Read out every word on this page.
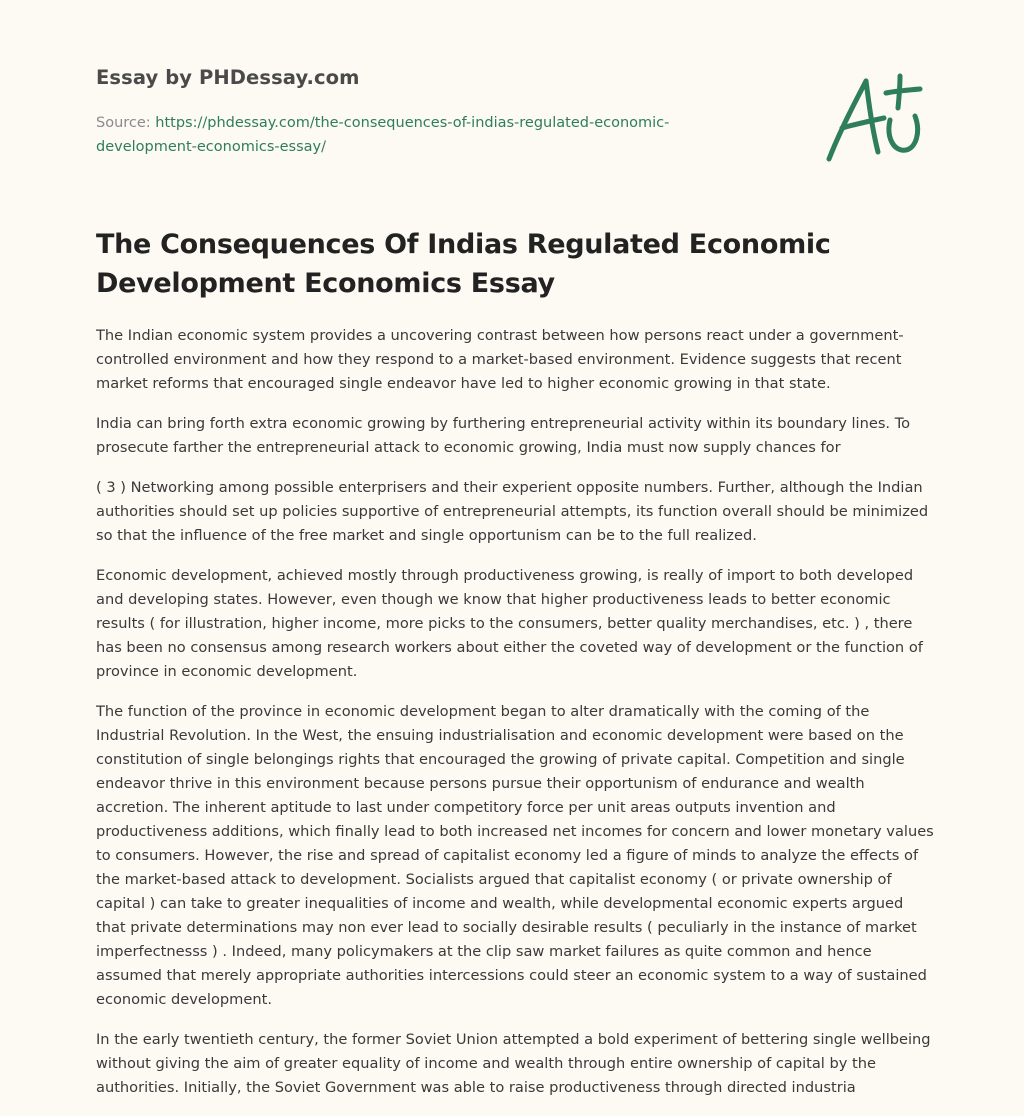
Essay by PHDessay.com
Source: https://phdessay.com/the-consequences-of-indias-regulated-economic-development-economics-essay/
The Consequences Of Indias Regulated Economic Development Economics Essay

The Indian economic system provides a uncovering contrast between how persons react under a government-controlled environment and how they respond to a market-based environment. Evidence suggests that recent market reforms that encouraged single endeavor have led to higher economic growing in that state.

India can bring forth extra economic growing by furthering entrepreneurial activity within its boundary lines. To prosecute farther the entrepreneurial attack to economic growing, India must now supply chances for

( 3 ) Networking among possible enterprisers and their experient opposite numbers. Further, although the Indian authorities should set up policies supportive of entrepreneurial attempts, its function overall should be minimized so that the influence of the free market and single opportunism can be to the full realized.

Economic development, achieved mostly through productiveness growing, is really of import to both developed and developing states. However, even though we know that higher productiveness leads to better economic results ( for illustration, higher income, more picks to the consumers, better quality merchandises, etc. ) , there has been no consensus among research workers about either the coveted way of development or the function of province in economic development.

The function of the province in economic development began to alter dramatically with the coming of the Industrial Revolution. In the West, the ensuing industrialisation and economic development were based on the constitution of single belongings rights that encouraged the growing of private capital. Competition and single endeavor thrive in this environment because persons pursue their opportunism of endurance and wealth accretion. The inherent aptitude to last under competitory force per unit areas outputs invention and productiveness additions, which finally lead to both increased net incomes for concern and lower monetary values to consumers. However, the rise and spread of capitalist economy led a figure of minds to analyze the effects of the market-based attack to development. Socialists argued that capitalist economy ( or private ownership of capital ) can take to greater inequalities of income and wealth, while developmental economic experts argued that private determinations may non ever lead to socially desirable results ( peculiarly in the instance of market imperfectnesss ) . Indeed, many policymakers at the clip saw market failures as quite common and hence assumed that merely appropriate authorities intercessions could steer an economic system to a way of sustained economic development.

In the early twentieth century, the former Soviet Union attempted a bold experiment of bettering single wellbeing without giving the aim of greater equality of income and wealth through entire ownership of capital by the authorities. Initially, the Soviet Government was able to raise productiveness through directed industria
